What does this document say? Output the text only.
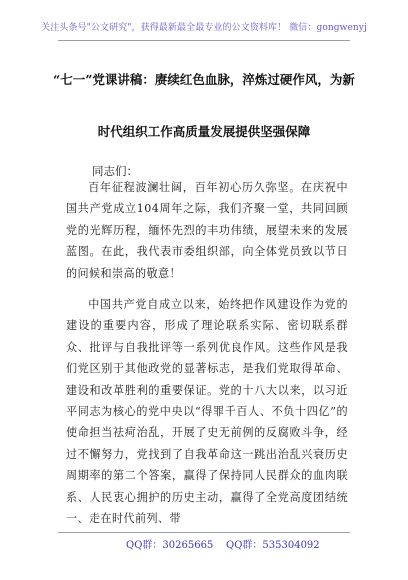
关注头条号"公文研究"，获得最新最全最专业的公文资料库！ 微信：gongwenyj
“七一”党课讲稿：赓续红色血脉，淬炼过硬作风，为新
时代组织工作高质量发展提供坚强保障
同志们：
百年征程波澜壮阔，百年初心历久弥坚。在庆祝中国共产党成立104周年之际，我们齐聚一堂，共同回顾党的光辉历程，缅怀先烈的丰功伟绩，展望未来的发展蓝图。在此，我代表市委组织部，向全体党员致以节日的问候和崇高的敬意！
中国共产党自成立以来，始终把作风建设作为党的建设的重要内容，形成了理论联系实际、密切联系群众、批评与自我批评等一系列优良作风。这些作风是我们党区别于其他政党的显著标志，是我们党取得革命、建设和改革胜利的重要保证。党的十八大以来，以习近平同志为核心的党中央以“得罪千百人、不负十四亿”的使命担当祛疴治乱，开展了史无前例的反腐败斗争，经过不懈努力，党找到了自我革命这一跳出治乱兴衰历史周期率的第二个答案，赢得了保持同人民群众的血肉联系、人民衷心拥护的历史主动，赢得了全党高度团结统一、走在时代前列、带
QQ群：30265665 QQ群：535304092
